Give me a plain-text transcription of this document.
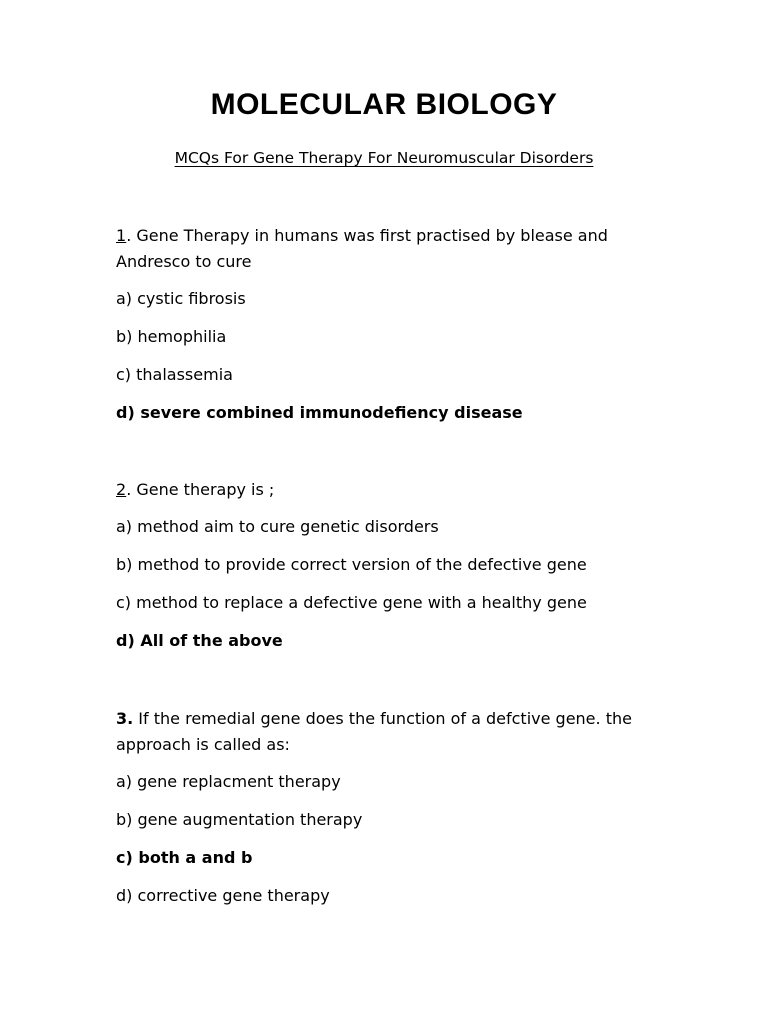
MOLECULAR BIOLOGY
MCQs For Gene Therapy For Neuromuscular Disorders
1. Gene Therapy in humans was first practised by blease and Andresco to cure
a) cystic fibrosis
b) hemophilia
c) thalassemia
d) severe combined immunodefiency disease
2. Gene therapy is ;
a) method aim to cure genetic disorders
b) method to provide correct version of the defective gene
c) method to replace a defective gene with a healthy gene
d) All of the above
3. If the remedial gene does the function of a defctive gene. the approach is called as:
a) gene replacment therapy
b) gene augmentation therapy
c) both a and b
d) corrective gene therapy
